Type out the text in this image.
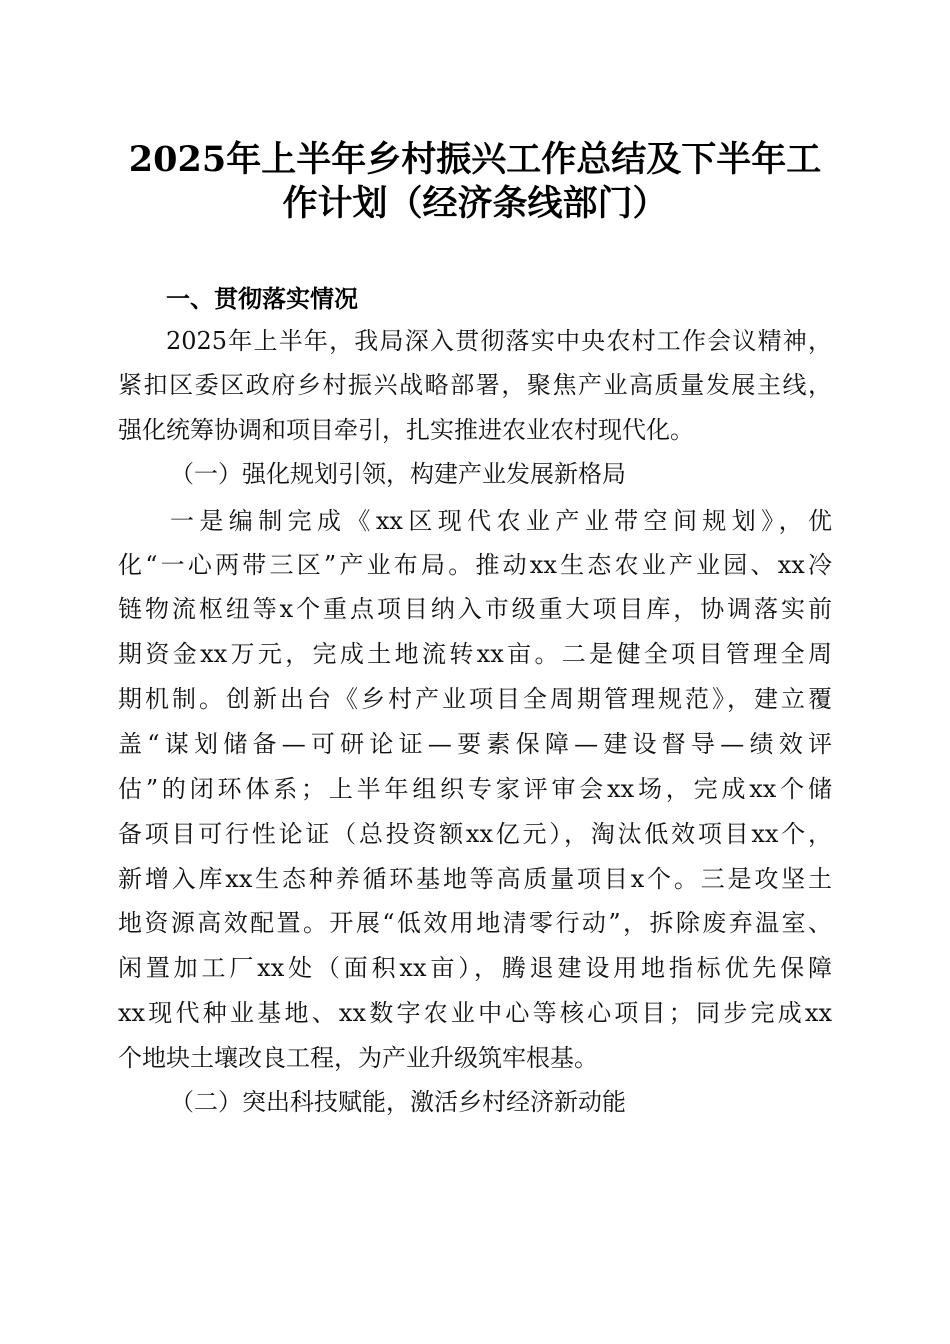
2025年上半年乡村振兴工作总结及下半年工
作计划（经济条线部门）
一、贯彻落实情况
2025年上半年，我局深入贯彻落实中央农村工作会议精神，
紧扣区委区政府乡村振兴战略部署，聚焦产业高质量发展主线，
强化统筹协调和项目牵引，扎实推进农业农村现代化。
（一）强化规划引领，构建产业发展新格局
一是编制完成《xx区现代农业产业带空间规划》，优
化“一心两带三区”产业布局。推动xx生态农业产业园、xx冷
链物流枢纽等x个重点项目纳入市级重大项目库，协调落实前
期资金xx万元，完成土地流转xx亩。二是健全项目管理全周
期机制。创新出台《乡村产业项目全周期管理规范》，建立覆
盖“谋划储备—可研论证—要素保障—建设督导—绩效评
估”的闭环体系；上半年组织专家评审会xx场，完成xx个储
备项目可行性论证（总投资额xx亿元），淘汰低效项目xx个，
新增入库xx生态种养循环基地等高质量项目x个。三是攻坚土
地资源高效配置。开展“低效用地清零行动”，拆除废弃温室、
闲置加工厂xx处（面积xx亩），腾退建设用地指标优先保障
xx现代种业基地、xx数字农业中心等核心项目；同步完成xx
个地块土壤改良工程，为产业升级筑牢根基。
（二）突出科技赋能，激活乡村经济新动能
